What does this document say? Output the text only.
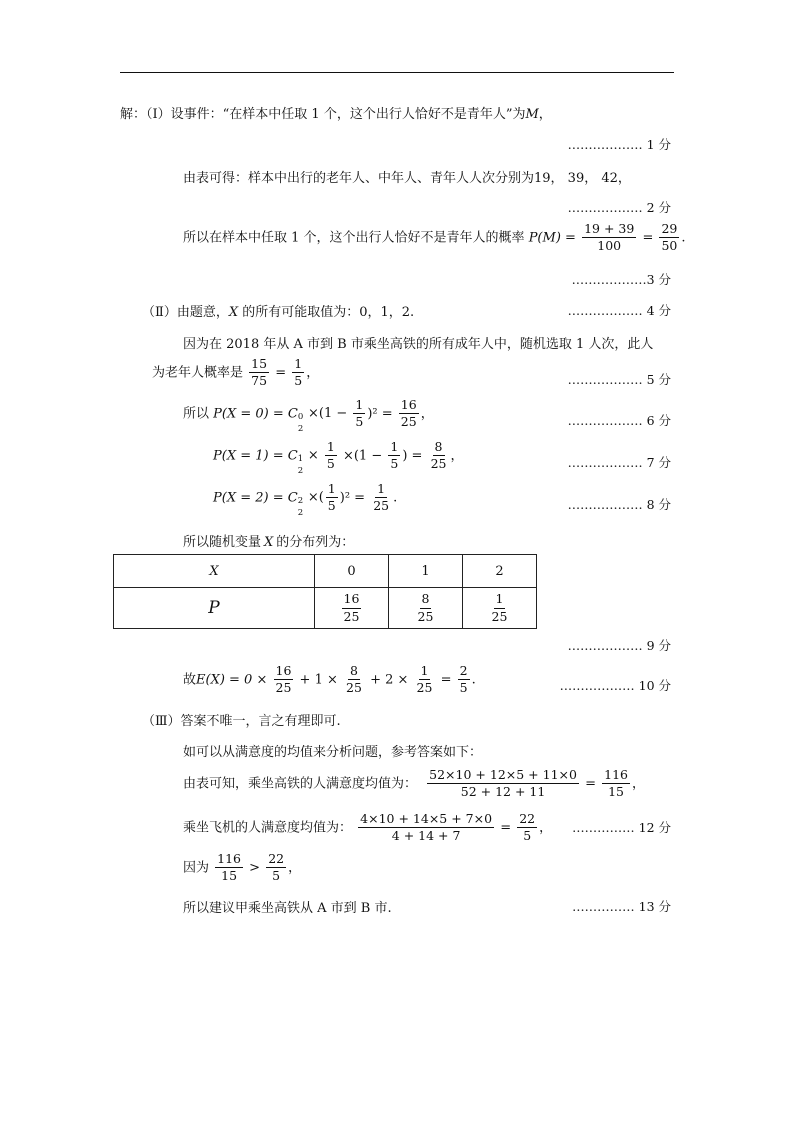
解：（Ⅰ）设事件：“在样本中任取 1 个，这个出行人恰好不是青年人”为M，
……………… 1 分
由表可得：样本中出行的老年人、中年人、青年人人次分别为19， 39， 42，
……………… 2 分
所以在样本中任取 1 个，这个出行人恰好不是青年人的概率 $P(M) = \frac{19 + 39}{100} = \frac{29}{50}$ .
………………3 分
（Ⅱ）由题意，X 的所有可能取值为：0，1，2.	……………… 4 分
因为在 2018 年从 A 市到 B 市乘坐高铁的所有成年人中，随机选取 1 人次，此人
为老年人概率是 $\frac{15}{75} = \frac{1}{5}$ ，	……………… 5 分
所以 P(X = 0) = C 0
2
$\times(1 - \frac{1}{5} )^2 = \frac{16}{25}$ ，	……………… 6 分
P(X = 1) = C 1
2
× $\frac{1}{5} \times(1 - \frac{1}{5}$ ) = $\frac{8}{25}$ ，	……………… 7 分
P(X = 2) = C 2
2
×( $\frac{1}{5} )^2 = \frac{1}{25}$ .	……………… 8 分
所以随机变量 X 的分布列为：
X	0	1	2
P	$\frac{16}{25}$	$\frac{8}{25}$	$\frac{1}{25}$
……………… 9 分
故$E(X) = 0 \times \frac{16}{25} + 1 \times \frac{8}{25} + 2 \times \frac{1}{25} = \frac{2}{5}$ .	……………… 10 分
（Ⅲ）答案不唯一，言之有理即可.
如可以从满意度的均值来分析问题，参考答案如下：
由表可知，乘坐高铁的人满意度均值为： $\frac{52\times 10 + 12\times 5 + 11\times 0}{52 + 12 + 11} = \frac{116}{15}$ ，
乘坐飞机的人满意度均值为： $\frac{4\times 10 + 14\times 5 + 7\times 0}{4 + 14 + 7} = \frac{22}{5}$ ， …………… 12 分
因为 $\frac{116}{15} > \frac{22}{5}$ ，
所以建议甲乘坐高铁从 A 市到 B 市.	…………… 13 分
